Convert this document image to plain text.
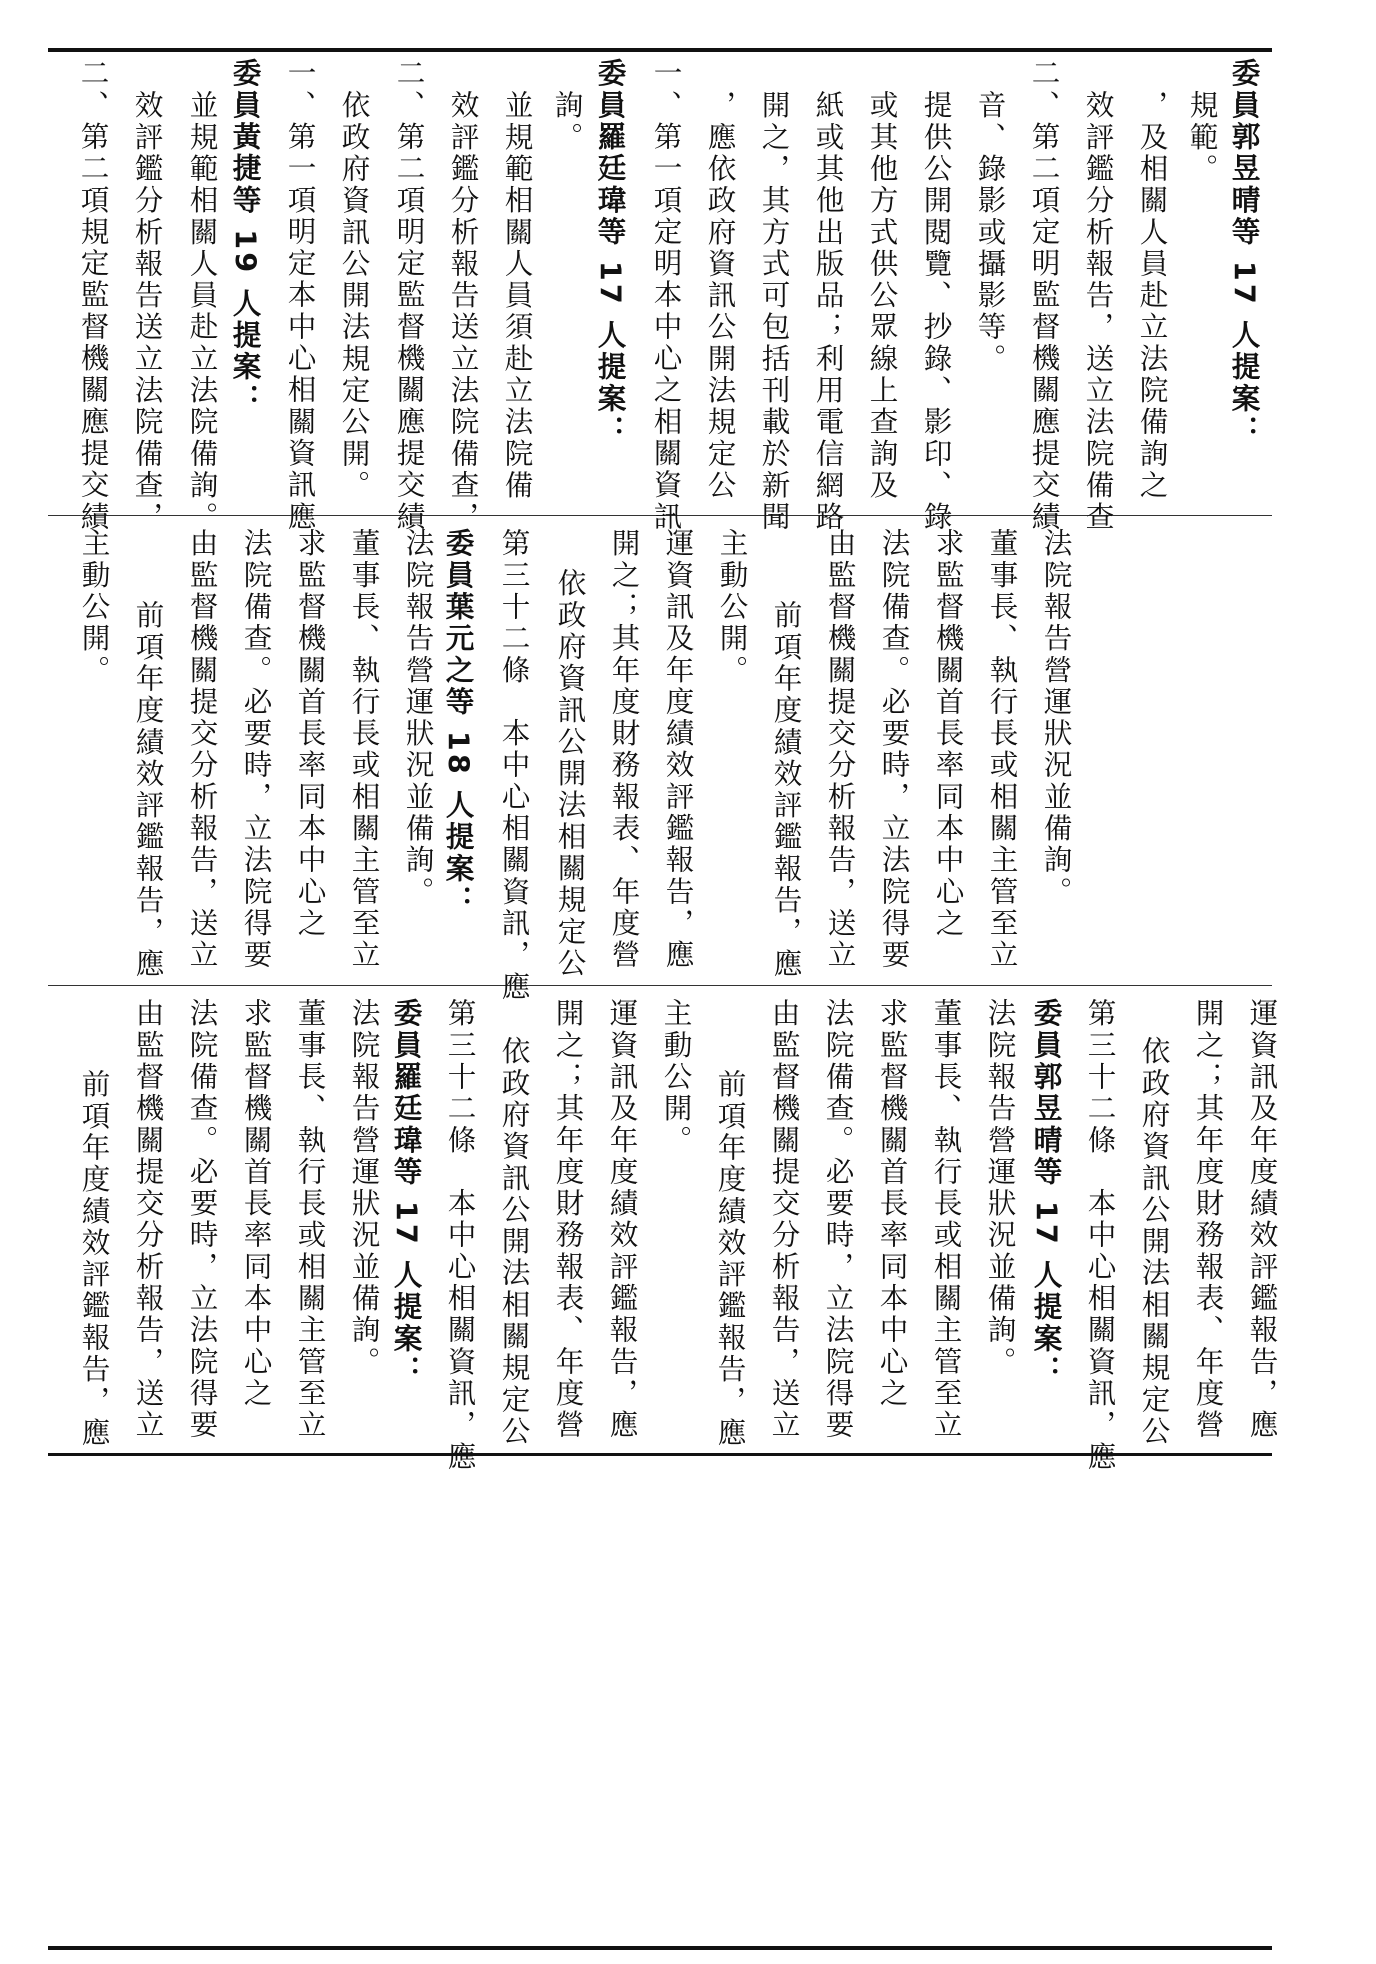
二、第二項規定監督機關應提交績 效評鑑分析報告送立法院備查， 並規範相關人員赴立法院備詢。 委員黃捷等 19 人提案： 一、第一項明定本中心相關資訊應 依政府資訊公開法規定公開。 二、第二項明定監督機關應提交績 效評鑑分析報告送立法院備查， 並規範相關人員須赴立法院備 詢。 委員羅廷瑋等 17 人提案： 一、第一項定明本中心之相關資訊 ，應依政府資訊公開法規定公 開之，其方式可包括刊載於新聞 紙或其他出版品；利用電信網路 或其他方式供公眾線上查詢及 提供公開閱覽、抄錄、影印、錄 音、錄影或攝影等。 二、第二項定明監督機關應提交績 效評鑑分析報告，送立法院備查 ，及相關人員赴立法院備詢之 規範。 委員郭昱晴等 17 人提案：
主動公開。 前項年度績效評鑑報告，應 由監督機關提交分析報告，送立 法院備查。必要時，立法院得要 求監督機關首長率同本中心之 董事長、執行長或相關主管至立 法院報告營運狀況並備詢。 委員葉元之等 18 人提案： 第三十二條　本中心相關資訊，應 依政府資訊公開法相關規定公 開之；其年度財務報表、年度營 運資訊及年度績效評鑑報告，應 主動公開。 前項年度績效評鑑報告，應 由監督機關提交分析報告，送立 法院備查。必要時，立法院得要 求監督機關首長率同本中心之 董事長、執行長或相關主管至立 法院報告營運狀況並備詢。
前項年度績效評鑑報告，應 由監督機關提交分析報告，送立 法院備查。必要時，立法院得要 求監督機關首長率同本中心之 董事長、執行長或相關主管至立 法院報告營運狀況並備詢。 委員羅廷瑋等 17 人提案： 第三十二條　本中心相關資訊，應 依政府資訊公開法相關規定公 開之；其年度財務報表、年度營 運資訊及年度績效評鑑報告，應 主動公開。 前項年度績效評鑑報告，應 由監督機關提交分析報告，送立 法院備查。必要時，立法院得要 求監督機關首長率同本中心之 董事長、執行長或相關主管至立 法院報告營運狀況並備詢。 委員郭昱晴等 17 人提案： 第三十二條　本中心相關資訊，應 依政府資訊公開法相關規定公 開之；其年度財務報表、年度營 運資訊及年度績效評鑑報告，應
